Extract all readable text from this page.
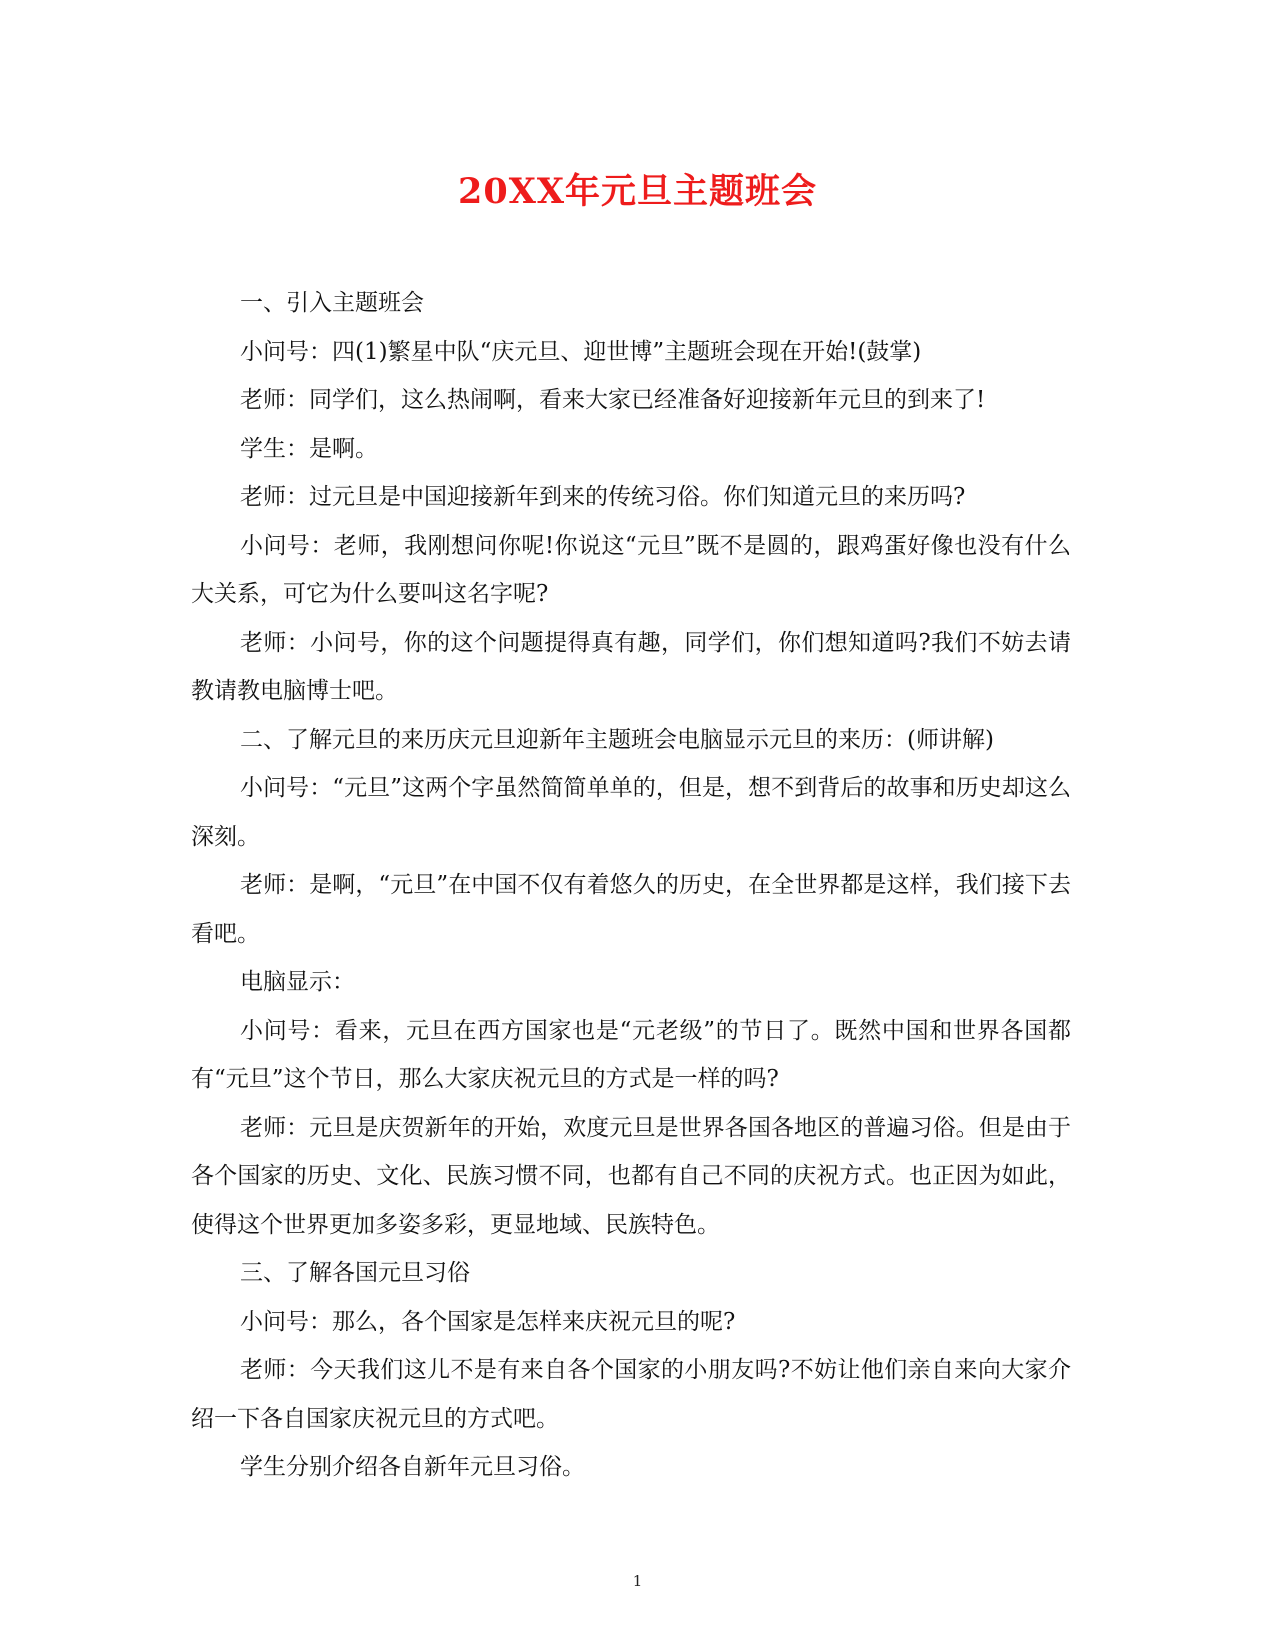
20XX年元旦主题班会

一、引入主题班会

小问号：四(1)繁星中队“庆元旦、迎世博”主题班会现在开始!(鼓掌)

老师：同学们，这么热闹啊，看来大家已经准备好迎接新年元旦的到来了!

学生：是啊。

老师：过元旦是中国迎接新年到来的传统习俗。你们知道元旦的来历吗?

小问号：老师，我刚想问你呢!你说这“元旦”既不是圆的，跟鸡蛋好像也没有什么大关系，可它为什么要叫这名字呢?

老师：小问号，你的这个问题提得真有趣，同学们，你们想知道吗?我们不妨去请教请教电脑博士吧。

二、了解元旦的来历庆元旦迎新年主题班会电脑显示元旦的来历：(师讲解)

小问号：“元旦”这两个字虽然简简单单的，但是，想不到背后的故事和历史却这么深刻。

老师：是啊，“元旦”在中国不仅有着悠久的历史，在全世界都是这样，我们接下去看吧。

电脑显示：

小问号：看来，元旦在西方国家也是“元老级”的节日了。既然中国和世界各国都有“元旦”这个节日，那么大家庆祝元旦的方式是一样的吗?

老师：元旦是庆贺新年的开始，欢度元旦是世界各国各地区的普遍习俗。但是由于各个国家的历史、文化、民族习惯不同，也都有自己不同的庆祝方式。也正因为如此，使得这个世界更加多姿多彩，更显地域、民族特色。

三、了解各国元旦习俗

小问号：那么，各个国家是怎样来庆祝元旦的呢?

老师：今天我们这儿不是有来自各个国家的小朋友吗?不妨让他们亲自来向大家介绍一下各自国家庆祝元旦的方式吧。

学生分别介绍各自新年元旦习俗。

1
